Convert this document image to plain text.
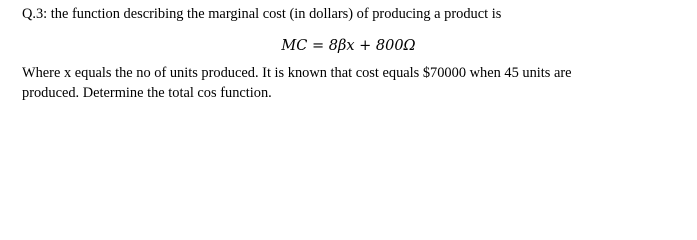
Q.3: the function describing the marginal cost (in dollars) of producing a product is
MC = 8βx + 800Ω
Where x equals the no of units produced. It is known that cost equals $70000 when 45 units are
produced. Determine the total cos function.
